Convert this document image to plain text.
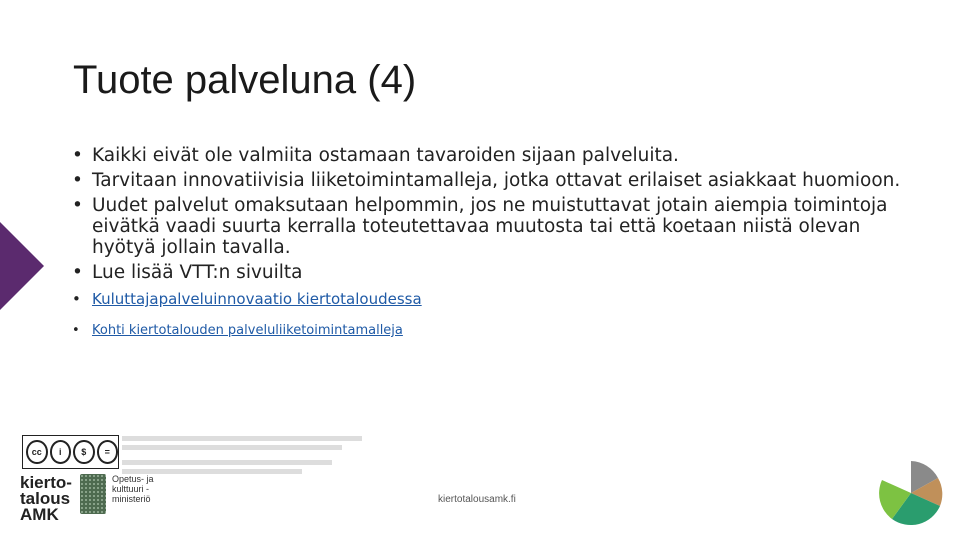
Tuote palveluna (4)
• Kaikki eivät ole valmiita ostamaan tavaroiden sijaan palveluita.
• Tarvitaan innovatiivisia liiketoimintamalleja, jotka ottavat erilaiset asiakkaat huomioon.
• Uudet palvelut omaksutaan helpommin, jos ne muistuttavat jotain aiempia toimintoja eivätkä vaadi suurta kerralla toteutettavaa muutosta tai että koetaan niistä olevan hyötyä jollain tavalla.
• Lue lisää VTT:n sivuilta
• Kuluttajapalveluinnovaatio kiertotaloudessa
• Kohti kiertotalouden palveluliiketoimintamalleja
cc	i	$	=
kierto-
talous
AMK
Opetus- ja
kulttuuri -
ministeriö	kiertotalousamk.fi
